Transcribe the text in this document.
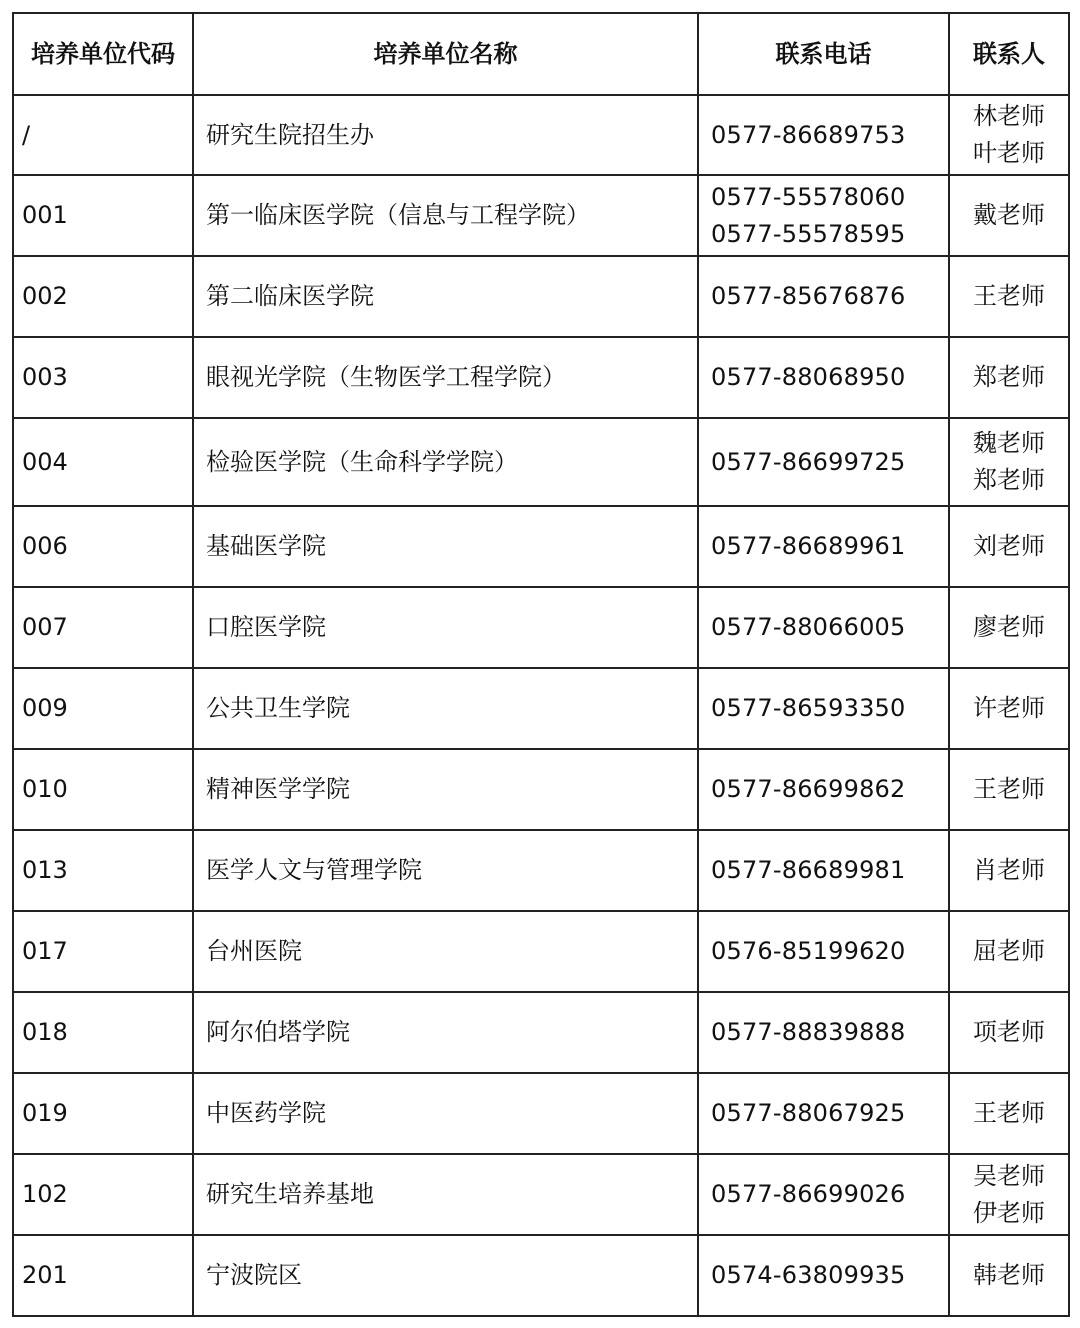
培养单位代码	培养单位名称	联系电话	联系人
/	研究生院招生办	0577-86689753	林老师
叶老师

001	第一临床医学院（信息与工程学院）	0577-55578060
0577-55578595	戴老师

002	第二临床医学院	0577-85676876	王老师

003	眼视光学院（生物医学工程学院）	0577-88068950	郑老师

004	检验医学院（生命科学学院）	0577-86699725	魏老师
郑老师

006	基础医学院	0577-86689961	刘老师

007	口腔医学院	0577-88066005	廖老师

009	公共卫生学院	0577-86593350	许老师

010	精神医学学院	0577-86699862	王老师

013	医学人文与管理学院	0577-86689981	肖老师

017	台州医院	0576-85199620	屈老师

018	阿尔伯塔学院	0577-88839888	项老师

019	中医药学院	0577-88067925	王老师

102	研究生培养基地	0577-86699026	吴老师
伊老师

201	宁波院区	0574-63809935	韩老师
